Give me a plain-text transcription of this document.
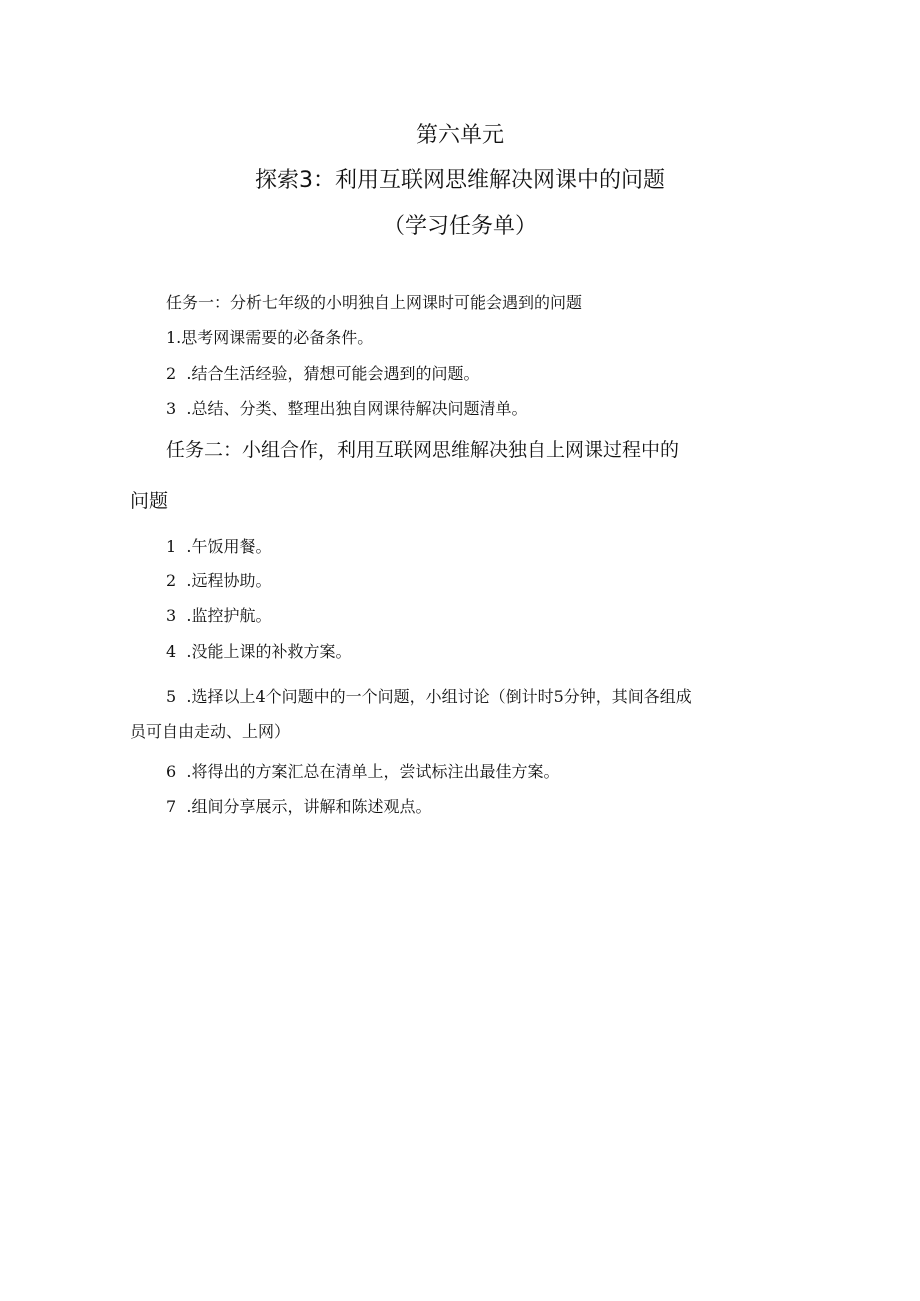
第六单元
探索3：利用互联网思维解决网课中的问题
（学习任务单）
任务一：分析七年级的小明独自上网课时可能会遇到的问题
1.思考网课需要的必备条件。
2  .结合生活经验，猜想可能会遇到的问题。
3  .总结、分类、整理出独自网课待解决问题清单。
任务二：小组合作，利用互联网思维解决独自上网课过程中的
问题
1  .午饭用餐。
2  .远程协助。
3  .监控护航。
4  .没能上课的补救方案。
5  .选择以上4个问题中的一个问题，小组讨论（倒计时5分钟，其间各组成
员可自由走动、上网）
6  .将得出的方案汇总在清单上，尝试标注出最佳方案。
7  .组间分享展示，讲解和陈述观点。
